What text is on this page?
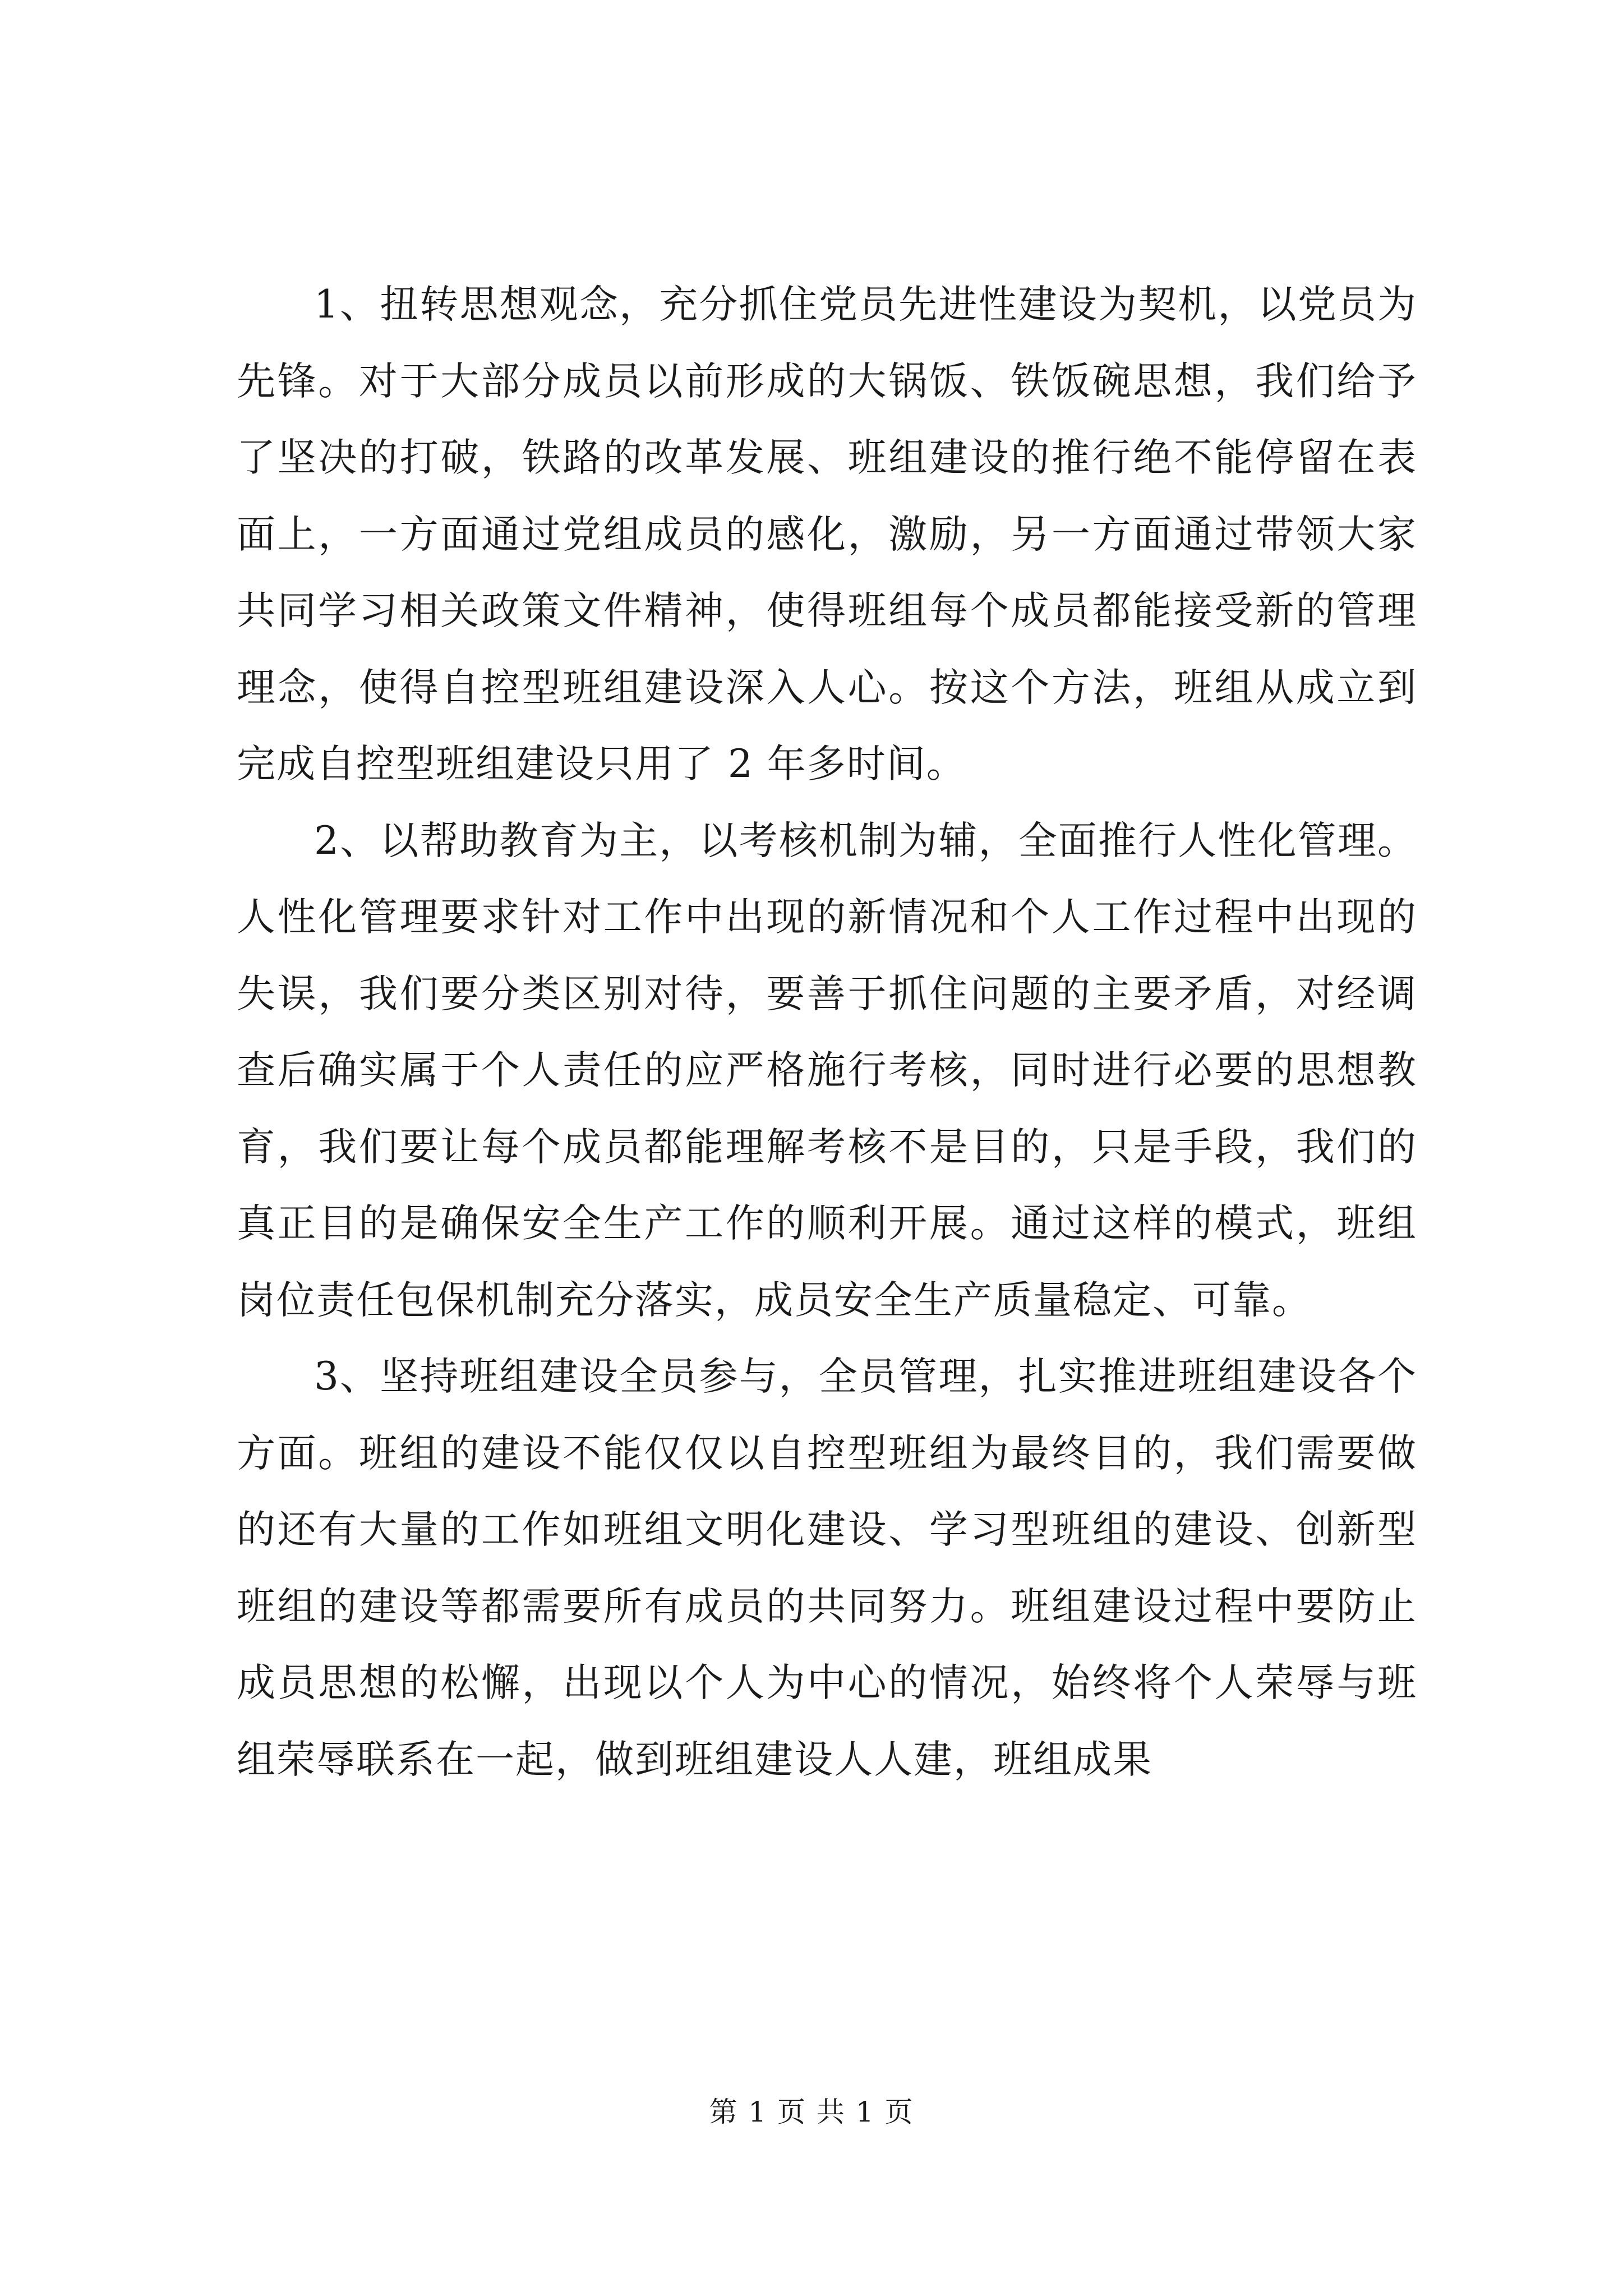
1、扭转思想观念，充分抓住党员先进性建设为契机，以党员为先锋。对于大部分成员以前形成的大锅饭、铁饭碗思想，我们给予了坚决的打破，铁路的改革发展、班组建设的推行绝不能停留在表面上，一方面通过党组成员的感化，激励，另一方面通过带领大家共同学习相关政策文件精神，使得班组每个成员都能接受新的管理理念，使得自控型班组建设深入人心。按这个方法，班组从成立到完成自控型班组建设只用了 2 年多时间。

2、以帮助教育为主，以考核机制为辅，全面推行人性化管理。人性化管理要求针对工作中出现的新情况和个人工作过程中出现的失误，我们要分类区别对待，要善于抓住问题的主要矛盾，对经调查后确实属于个人责任的应严格施行考核，同时进行必要的思想教育，我们要让每个成员都能理解考核不是目的，只是手段，我们的真正目的是确保安全生产工作的顺利开展。通过这样的模式，班组岗位责任包保机制充分落实，成员安全生产质量稳定、可靠。

3、坚持班组建设全员参与，全员管理，扎实推进班组建设各个方面。班组的建设不能仅仅以自控型班组为最终目的，我们需要做的还有大量的工作如班组文明化建设、学习型班组的建设、创新型班组的建设等都需要所有成员的共同努力。班组建设过程中要防止成员思想的松懈，出现以个人为中心的情况，始终将个人荣辱与班组荣辱联系在一起，做到班组建设人人建，班组成果

第 1 页 共 1 页
